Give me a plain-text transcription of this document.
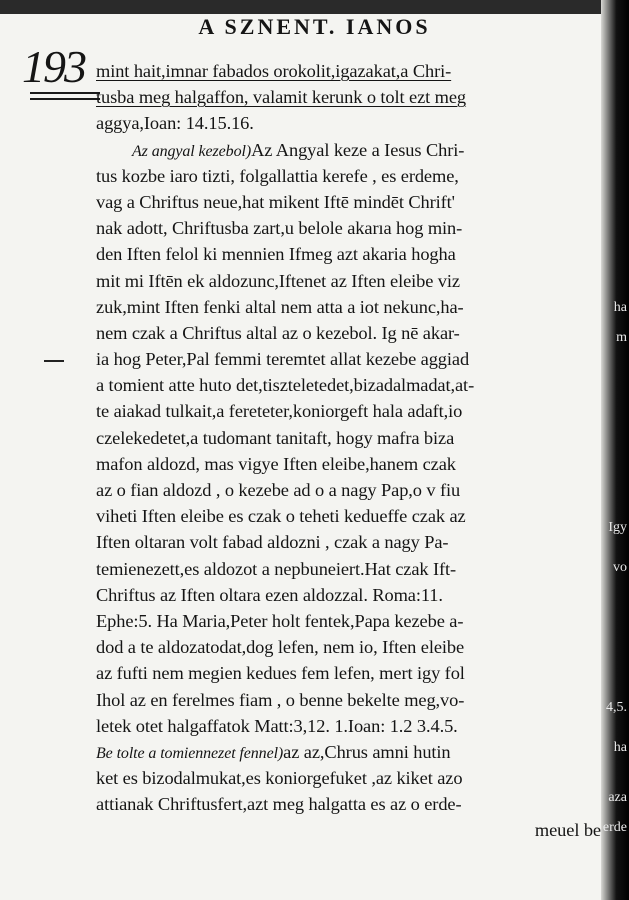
ha
m
Igy
vo
4,5.
ha
aza
erde
A SZNENT. IANOS
193 mint hait,imnar fabados orokolit,igazakat,a Chri-
tusba meg halgaffon, valamit kerunk o tolt ezt meg
aggya,Ioan: 14.15.16.
Az angyal kezebol)Az Angyal keze a Iesus Chri-
tus kozbe iaro tizti, folgallattia kerefe , es erdeme,
vag a Chriftus neue,hat mikent Iftē mindēt Chrift'
nak adott, Chriftusba zart,u belole akarıa hog min-
den Iften felol ki mennien Ifmeg azt akaria hogha
mit mi Iftēn ek aldozunc,Iftenet az Iften eleibe viz
zuk,mint Iften fenki altal nem atta a iot nekunc,ha-
nem czak a Chriftus altal az o kezebol. Ig nē akar-
ia hog Peter,Pal femmi teremtet allat kezebe aggiad
a tomient atte huto det,tiszteletedet,bizadalmadat,at-
te aiakad tulkait,a fereteter,koniorgeft hala adaft,io
czelekedetet,a tudomant tanitaft, hogy mafra biza
mafon aldozd, mas vigye Iften eleibe,hanem czak
az o fian aldozd , o kezebe ad o a nagy Pap,o v fiu
viheti Iften eleibe es czak o teheti kedueffe czak az
Iften oltaran volt fabad aldozni , czak a nagy Pa-
temienezett,es aldozot a nepbuneiert.Hat czak Ift-
Chriftus az Iften oltara ezen aldozzal. Roma:11.
Ephe:5. Ha Maria,Peter holt fentek,Papa kezebe a-
dod a te aldozatodat,dog lefen, nem io, Iften eleibe
az fufti nem megien kedues fem lefen, mert igy fol
Ihol az en ferelmes fiam , o benne bekelte meg,vo-
letek otet halgaffatok Matt:3,12. 1.Ioan: 1.2 3.4.5.
Be tolte a tomiennezet fennel)az az,Chrus amni hutin
ket es bizodalmukat,es koniorgefuket ,az kiket azo
attianak Chriftusfert,azt meg halgatta es az o erde-
meuel be
